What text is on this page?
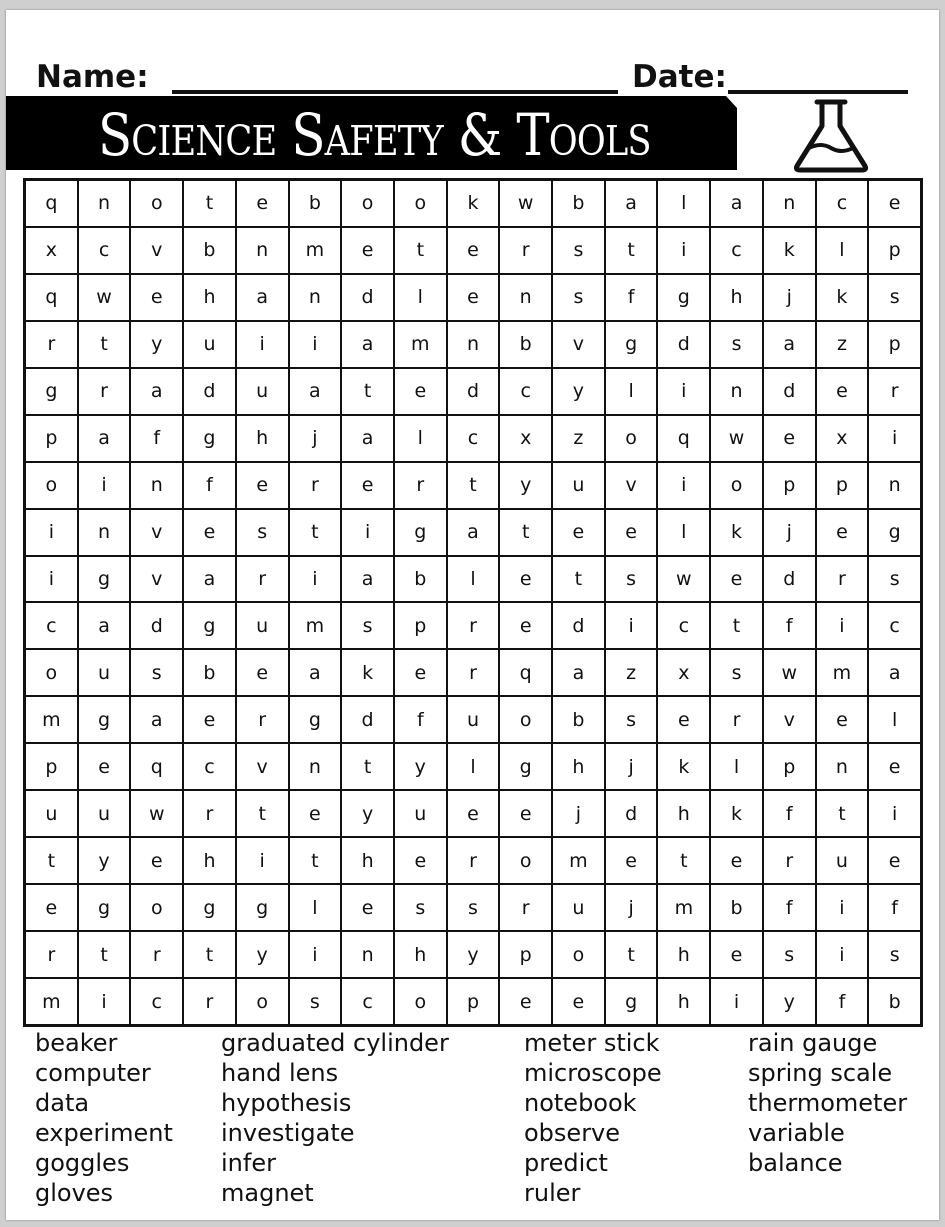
Name:	Date:
Science Safety & Tools
q	n	o	t	e	b	o	o	k	w	b	a	l	a	n	c	e
x	c	v	b	n	m	e	t	e	r	s	t	i	c	k	l	p
q	w	e	h	a	n	d	l	e	n	s	f	g	h	j	k	s
r	t	y	u	i	i	a	m	n	b	v	g	d	s	a	z	p
g	r	a	d	u	a	t	e	d	c	y	l	i	n	d	e	r
p	a	f	g	h	j	a	l	c	x	z	o	q	w	e	x	i
o	i	n	f	e	r	e	r	t	y	u	v	i	o	p	p	n
i	n	v	e	s	t	i	g	a	t	e	e	l	k	j	e	g
i	g	v	a	r	i	a	b	l	e	t	s	w	e	d	r	s
c	a	d	g	u	m	s	p	r	e	d	i	c	t	f	i	c
o	u	s	b	e	a	k	e	r	q	a	z	x	s	w	m	a
m	g	a	e	r	g	d	f	u	o	b	s	e	r	v	e	l
p	e	q	c	v	n	t	y	l	g	h	j	k	l	p	n	e
u	u	w	r	t	e	y	u	e	e	j	d	h	k	f	t	i
t	y	e	h	i	t	h	e	r	o	m	e	t	e	r	u	e
e	g	o	g	g	l	e	s	s	r	u	j	m	b	f	i	f
r	t	r	t	y	i	n	h	y	p	o	t	h	e	s	i	s
m	i	c	r	o	s	c	o	p	e	e	g	h	i	y	f	b
beaker
computer
data
experiment
goggles
gloves
graduated cylinder
hand lens
hypothesis
investigate
infer
magnet
meter stick
microscope
notebook
observe
predict
ruler
rain gauge
spring scale
thermometer
variable
balance
